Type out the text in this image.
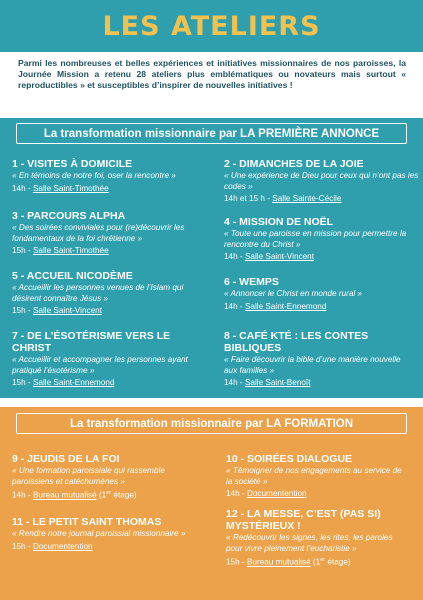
LES ATELIERS

Parmi les nombreuses et belles expériences et initiatives missionnaires de nos paroisses, la Journée Mission a retenu 28 ateliers plus emblématiques ou novateurs mais surtout « reproductibles » et susceptibles d’inspirer de nouvelles initiatives !

La transformation missionnaire par LA PREMIÈRE ANNONCE
1 - VISITES À DOMICILE
« En témoins de notre foi, oser la rencontre »
14h - Salle Saint-Timothée
2 - DIMANCHES DE LA JOIE
« Une expérience de Dieu pour ceux qui n’ont pas les codes »
14h et 15 h - Salle Sainte-Cécile
3 - PARCOURS ALPHA
« Des soirées conviviales pour (re)découvrir les fondamentaux de la foi chrétienne »
15h - Salle Saint-Timothée
4 - MISSION DE NOËL
« Toute une paroisse en mission pour permettre la rencontre du Christ »
14h - Salle Saint-Vincent
5 - ACCUEIL NICODÈME
« Accueillir les personnes venues de l’Islam qui désirent connaître Jésus »
15h - Salle Saint-Vincent
6 - WEMPS
« Annoncer le Christ en monde rural »
14h - Salle Saint-Ennemond
7 - DE L’ÉSOTÉRISME VERS LE CHRIST
« Accueillir et accompagner les personnes ayant pratiqué l’ésotérisme »
15h - Salle Saint-Ennemond
8 - CAFÉ KTÉ : LES CONTES BIBLIQUES
« Faire découvrir la bible d’une manière nouvelle aux familles »
14h - Salle Saint-Benoît
La transformation missionnaire par LA FORMATION
9 - JEUDIS DE LA FOI
« Une formation paroissiale qui rassemble paroissiens et catéchumènes »
14h - Bureau mutualisé (1er étage)
10 - SOIRÉES DIALOGUE
« Témoigner de nos engagements au service de la société »
14h - Documentention
11 - LE PETIT SAINT THOMAS
« Rendre notre journal paroissial missionnaire »
15h - Documentention
12 - LA MESSE, C’EST (PAS SI) MYSTÉRIEUX !
« Redécouvrir les signes, les rites, les paroles pour vivre pleinement l’eucharistie »
15h - Bureau mutualisé (1er étage)
